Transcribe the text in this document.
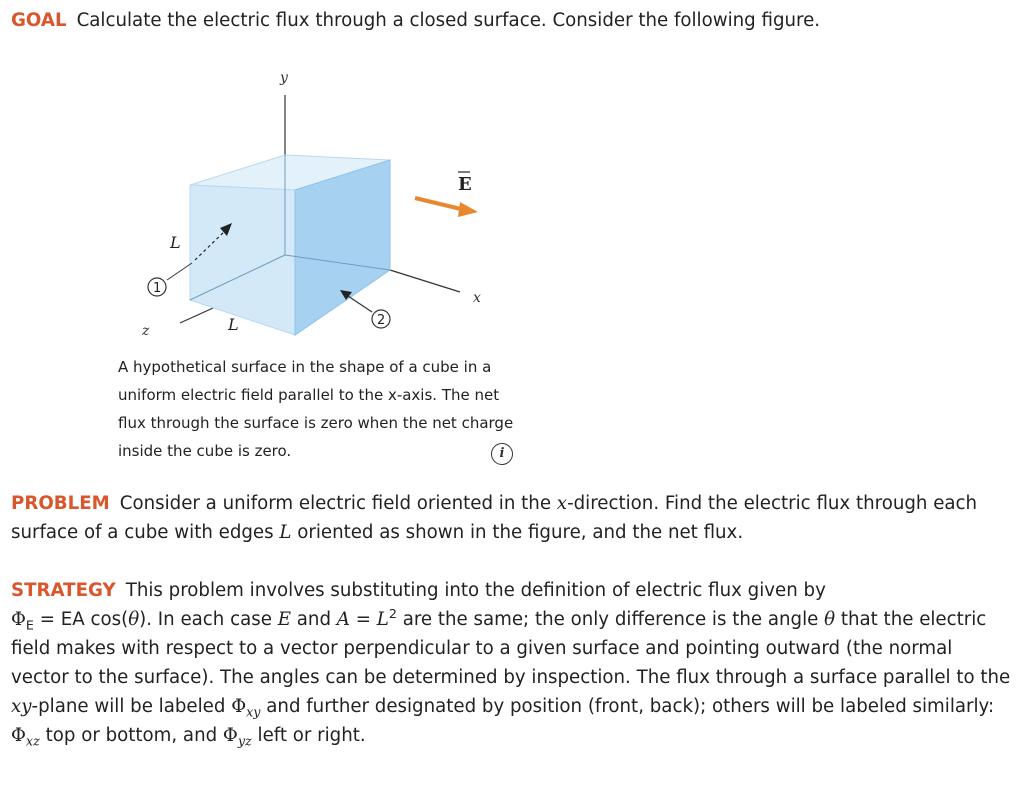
GOAL Calculate the electric flux through a closed surface. Consider the following figure.
y
x
z
E
L
1
L	2
A hypothetical surface in the shape of a cube in a uniform electric field parallel to the x-axis. The net flux through the surface is zero when the net charge inside the cube is zero.	i
PROBLEM Consider a uniform electric field oriented in the x-direction. Find the electric flux through each surface of a cube with edges L oriented as shown in the figure, and the net flux.
STRATEGY This problem involves substituting into the definition of electric flux given by
$\Phi_E$ = EA cos(θ). In each case E and $A = L^2$ are the same; the only difference is the angle θ that the electric field makes with respect to a vector perpendicular to a given surface and pointing outward (the normal vector to the surface). The angles can be determined by inspection. The flux through a surface parallel to the xy-plane will be labeled $\Phi_{xy}$ and further designated by position (front, back); others will be labeled similarly: $\Phi_{xz}$ top or bottom, and $\Phi_{yz}$ left or right.
